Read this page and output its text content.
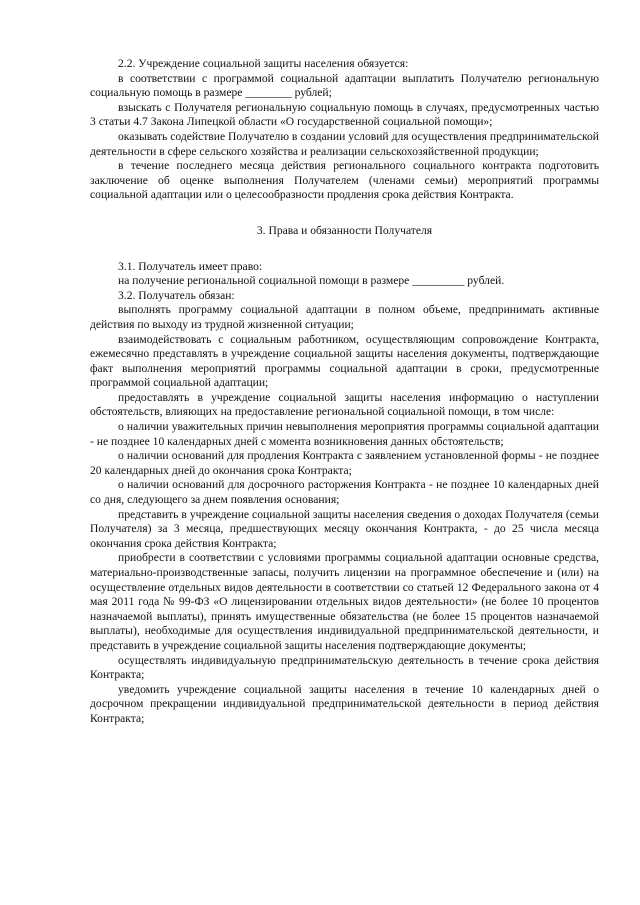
2.2. Учреждение социальной защиты населения обязуется:

в соответствии с программой социальной адаптации выплатить Получателю региональную социальную помощь в размере ________ рублей;

взыскать с Получателя региональную социальную помощь в случаях, предусмотренных частью 3 статьи 4.7 Закона Липецкой области «О государственной социальной помощи»;

оказывать содействие Получателю в создании условий для осуществления предпринимательской деятельности в сфере сельского хозяйства и реализации сельскохозяйственной продукции;

в течение последнего месяца действия регионального социального контракта подготовить заключение об оценке выполнения Получателем (членами семьи) мероприятий программы социальной адаптации или о целесообразности продления срока действия Контракта.

3. Права и обязанности Получателя

3.1. Получатель имеет право:

на получение региональной социальной помощи в размере _________ рублей.

3.2. Получатель обязан:

выполнять программу социальной адаптации в полном объеме, предпринимать активные действия по выходу из трудной жизненной ситуации;

взаимодействовать с социальным работником, осуществляющим сопровождение Контракта, ежемесячно представлять в учреждение социальной защиты населения документы, подтверждающие факт выполнения мероприятий программы социальной адаптации в сроки, предусмотренные программой социальной адаптации;

предоставлять в учреждение социальной защиты населения информацию о наступлении обстоятельств, влияющих на предоставление региональной социальной помощи, в том числе:

о наличии уважительных причин невыполнения мероприятия программы социальной адаптации - не позднее 10 календарных дней с момента возникновения данных обстоятельств;

о наличии оснований для продления Контракта с заявлением установленной формы - не позднее 20 календарных дней до окончания срока Контракта;

о наличии оснований для досрочного расторжения Контракта - не позднее 10 календарных дней со дня, следующего за днем появления основания;

представить в учреждение социальной защиты населения сведения о доходах Получателя (семьи Получателя) за 3 месяца, предшествующих месяцу окончания Контракта, - до 25 числа месяца окончания срока действия Контракта;

приобрести в соответствии с условиями программы социальной адаптации основные средства, материально-производственные запасы, получить лицензии на программное обеспечение и (или) на осуществление отдельных видов деятельности в соответствии со статьей 12 Федерального закона от 4 мая 2011 года № 99-ФЗ «О лицензировании отдельных видов деятельности» (не более 10 процентов назначаемой выплаты), принять имущественные обязательства (не более 15 процентов назначаемой выплаты), необходимые для осуществления индивидуальной предпринимательской деятельности, и представить в учреждение социальной защиты населения подтверждающие документы;

осуществлять индивидуальную предпринимательскую деятельность в течение срока действия Контракта;

уведомить учреждение социальной защиты населения в течение 10 календарных дней о досрочном прекращении индивидуальной предпринимательской деятельности в период действия Контракта;
